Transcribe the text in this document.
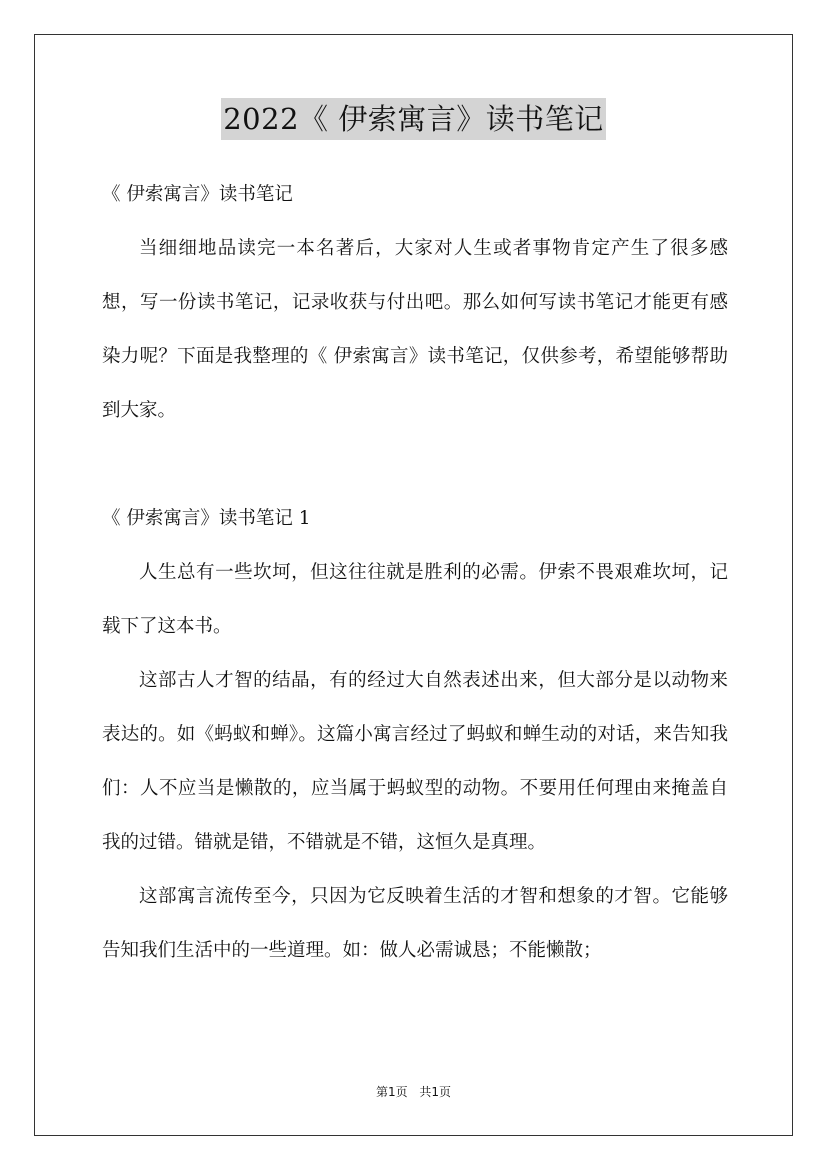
2022《 伊索寓言》读书笔记

《 伊索寓言》读书笔记

当细细地品读完一本名著后，大家对人生或者事物肯定产生了很多感想，写一份读书笔记，记录收获与付出吧。那么如何写读书笔记才能更有感染力呢？下面是我整理的《 伊索寓言》读书笔记，仅供参考，希望能够帮助到大家。

《 伊索寓言》读书笔记 1

人生总有一些坎坷，但这往往就是胜利的必需。伊索不畏艰难坎坷，记载下了这本书。

这部古人才智的结晶，有的经过大自然表述出来，但大部分是以动物来表达的。如《蚂蚁和蝉》。这篇小寓言经过了蚂蚁和蝉生动的对话，来告知我们：人不应当是懒散的，应当属于蚂蚁型的动物。不要用任何理由来掩盖自我的过错。错就是错，不错就是不错，这恒久是真理。

这部寓言流传至今，只因为它反映着生活的才智和想象的才智。它能够告知我们生活中的一些道理。如：做人必需诚恳；不能懒散；

第1页 共1页
